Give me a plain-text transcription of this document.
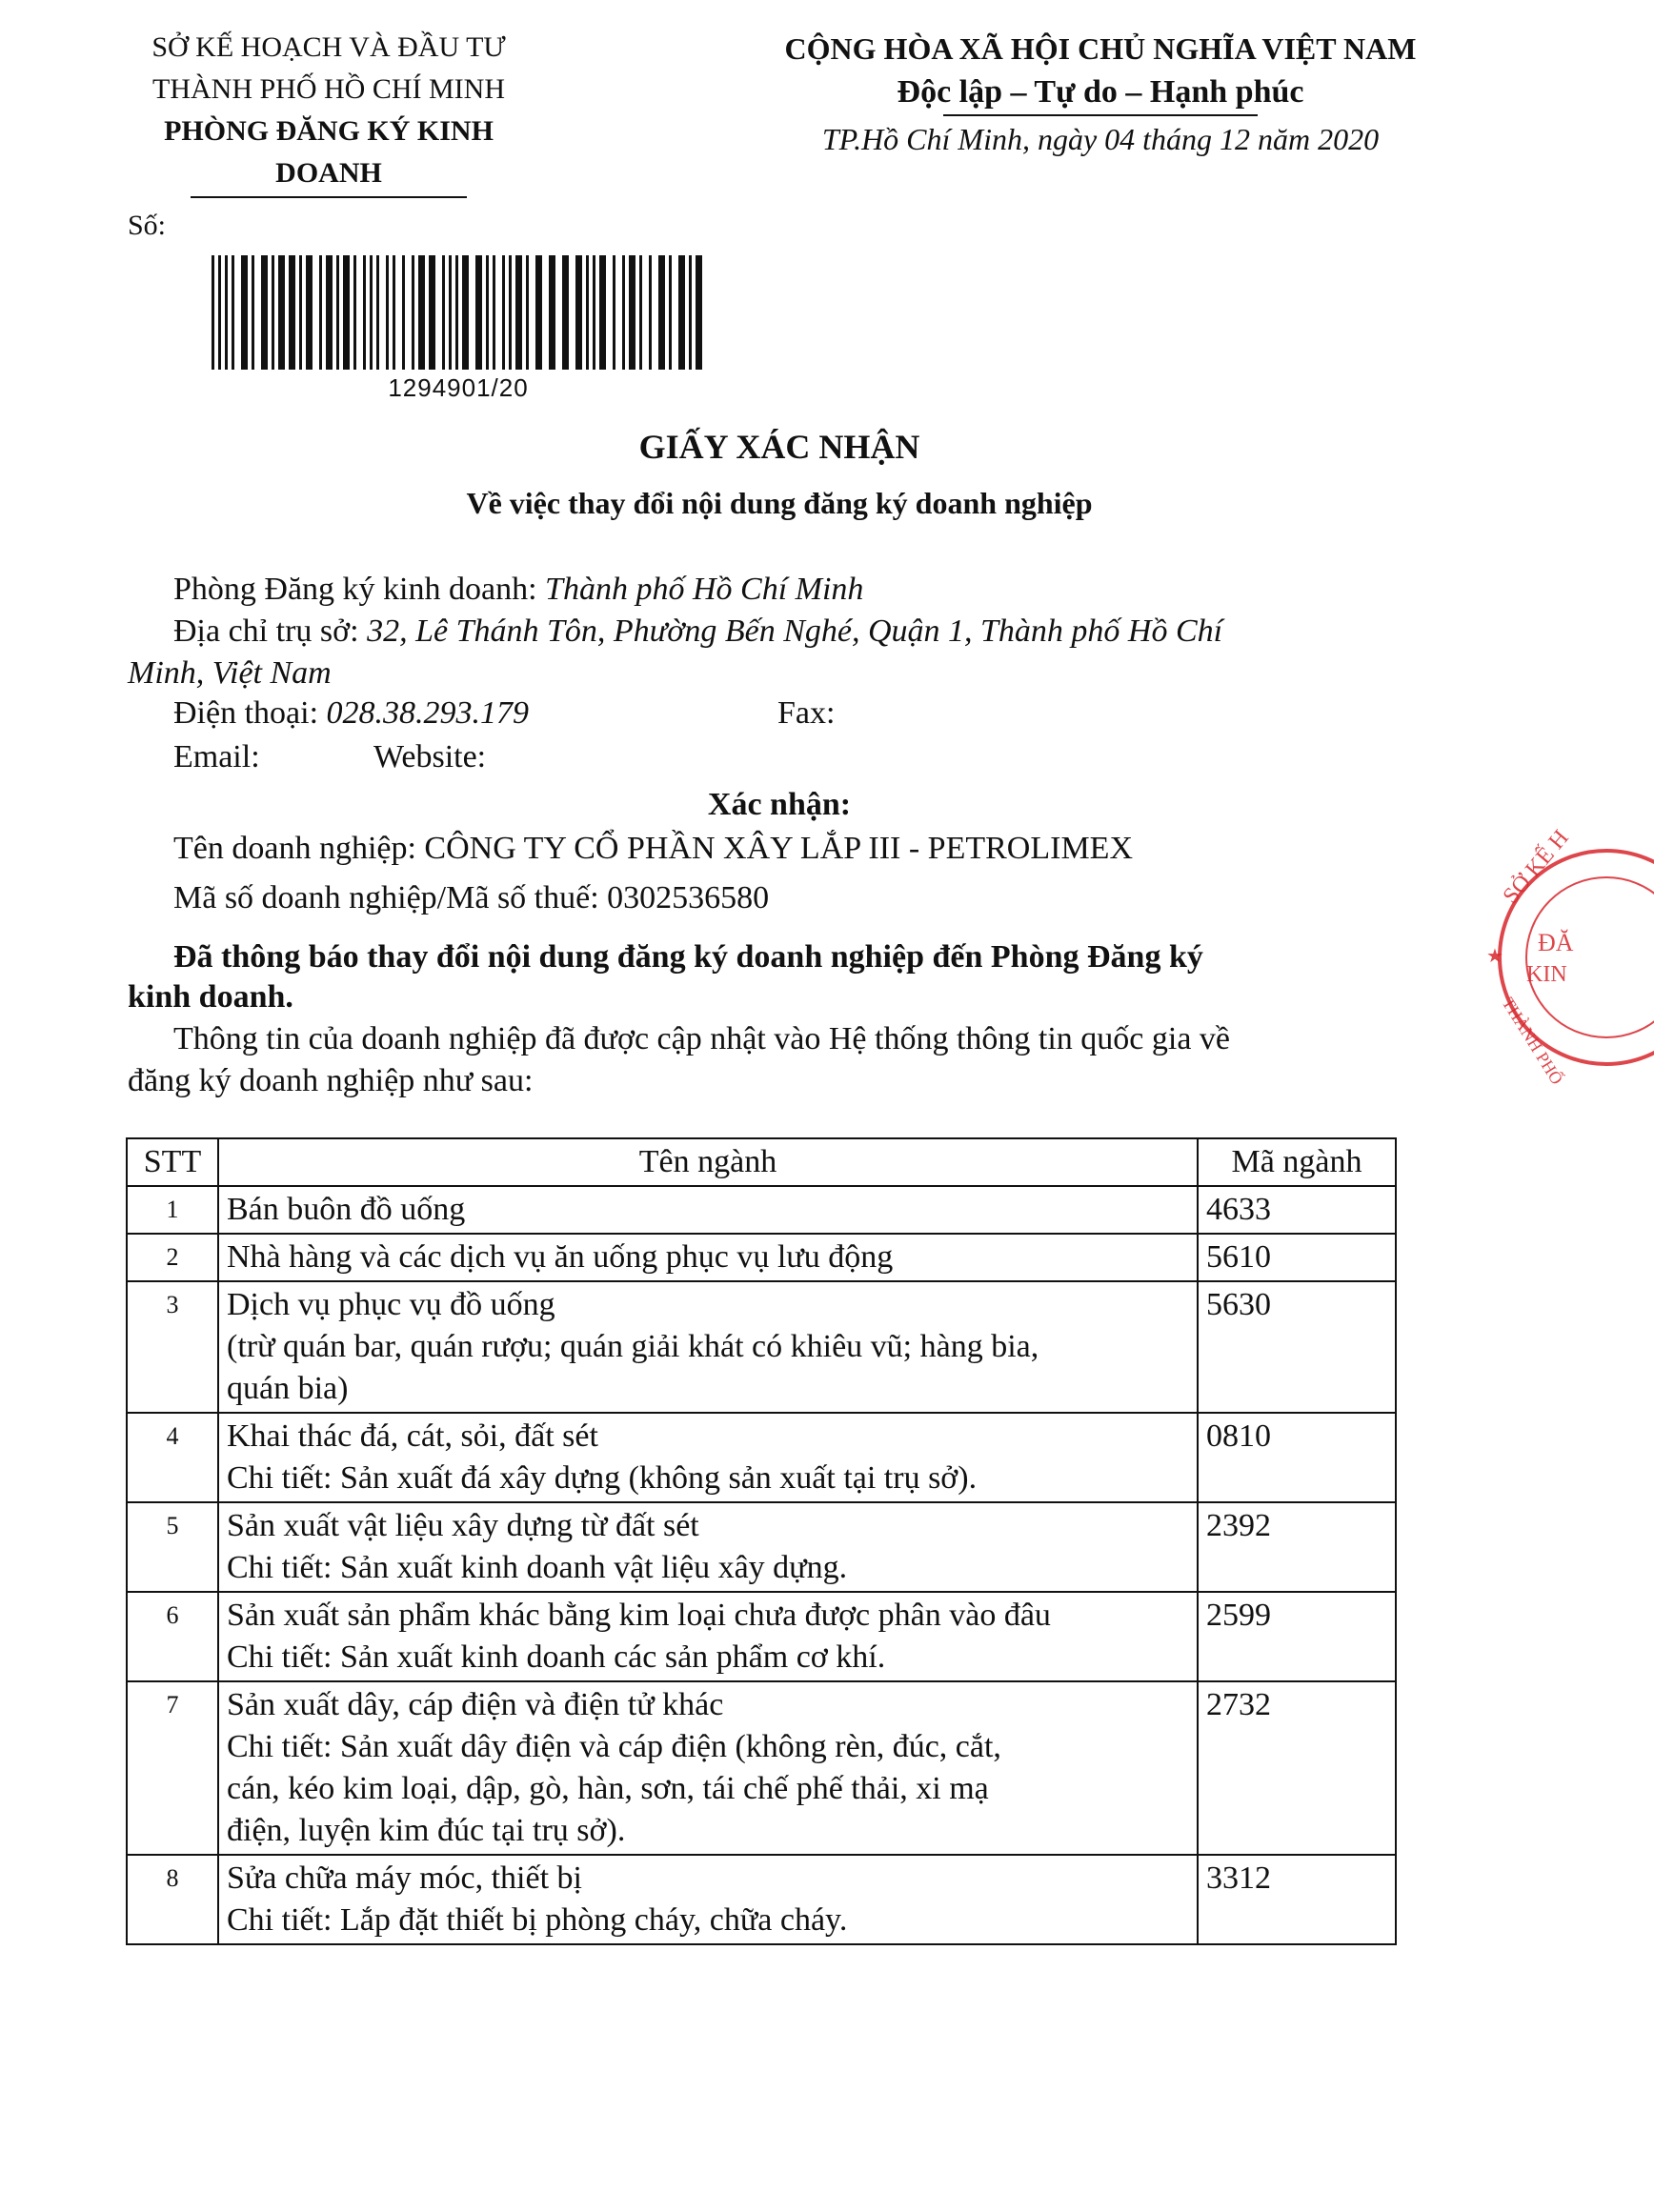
SỞ KẾ HOẠCH VÀ ĐẦU TƯ
THÀNH PHỐ HỒ CHÍ MINH
PHÒNG ĐĂNG KÝ KINH DOANH
CỘNG HÒA XÃ HỘI CHỦ NGHĨA VIỆT NAM
Độc lập – Tự do – Hạnh phúc
TP.Hồ Chí Minh, ngày 04 tháng 12 năm 2020
Số:
1294901/20
GIẤY XÁC NHẬN
Về việc thay đổi nội dung đăng ký doanh nghiệp
Phòng Đăng ký kinh doanh: Thành phố Hồ Chí Minh
Địa chỉ trụ sở: 32, Lê Thánh Tôn, Phường Bến Nghé, Quận 1, Thành phố Hồ Chí
Minh, Việt Nam
Điện thoại: 028.38.293.179	Fax:
Email:	Website:
Xác nhận:
Tên doanh nghiệp: CÔNG TY CỔ PHẦN XÂY LẮP III - PETROLIMEX
Mã số doanh nghiệp/Mã số thuế: 0302536580
Đã thông báo thay đổi nội dung đăng ký doanh nghiệp đến Phòng Đăng ký
kinh doanh.
Thông tin của doanh nghiệp đã được cập nhật vào Hệ thống thông tin quốc gia về
đăng ký doanh nghiệp như sau:
STT	Tên ngành	Mã ngành
1	Bán buôn đồ uống	4633
2	Nhà hàng và các dịch vụ ăn uống phục vụ lưu động	5610
3	Dịch vụ phục vụ đồ uống
(trừ quán bar, quán rượu; quán giải khát có khiêu vũ; hàng bia,
quán bia)	5630
4	Khai thác đá, cát, sỏi, đất sét
Chi tiết: Sản xuất đá xây dựng (không sản xuất tại trụ sở).	0810
5	Sản xuất vật liệu xây dựng từ đất sét
Chi tiết: Sản xuất kinh doanh vật liệu xây dựng.	2392
6	Sản xuất sản phẩm khác bằng kim loại chưa được phân vào đâu
Chi tiết: Sản xuất kinh doanh các sản phẩm cơ khí.	2599
7	Sản xuất dây, cáp điện và điện tử khác
Chi tiết: Sản xuất dây điện và cáp điện (không rèn, đúc, cắt,
cán, kéo kim loại, dập, gò, hàn, sơn, tái chế phế thải, xi mạ
điện, luyện kim đúc tại trụ sở).	2732
8	Sửa chữa máy móc, thiết bị
Chi tiết: Lắp đặt thiết bị phòng cháy, chữa cháy.	3312
SỞ KẾ H
ĐĂ
KIN
THÀNH PHỐ
★
